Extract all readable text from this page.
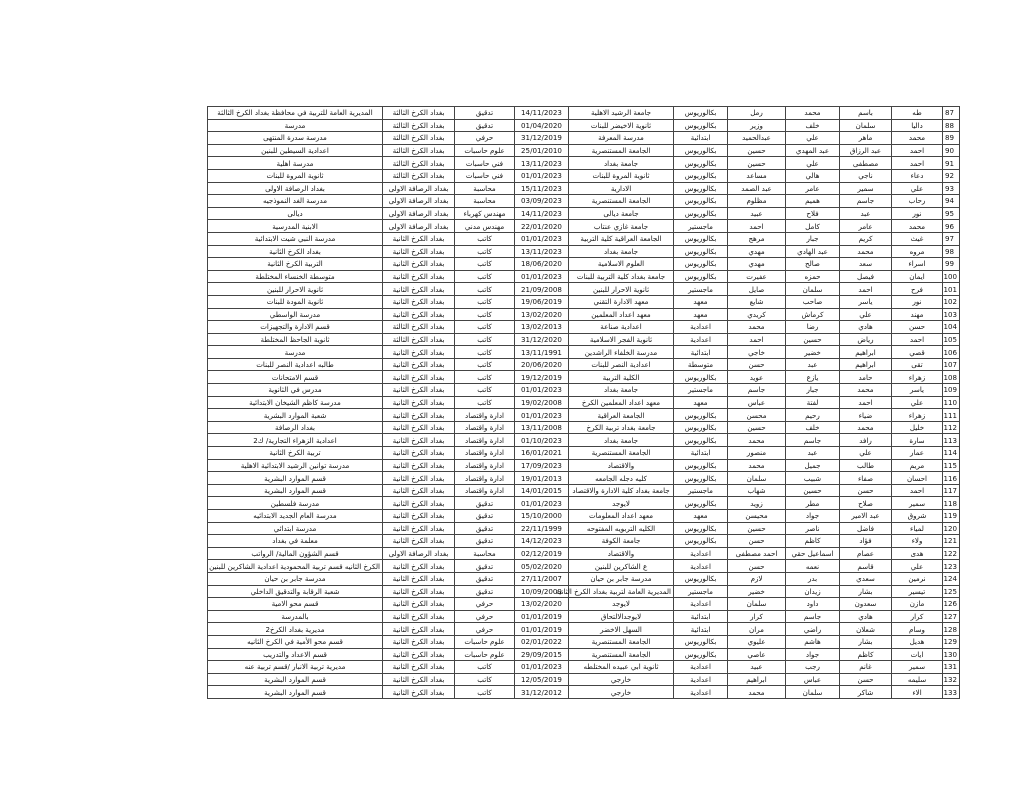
87	طه	باسم	محمد	رمل	بكالوريوس	جامعة الرشيد الاهلية	14/11/2023	تدقيق	بغداد الكرخ الثالثة	المديرية العامة للتربية في محافظة بغداد الكرخ الثالثة
88	داليا	سلمان	خلف	وزير	بكالوريوس	ثانوية الاخيضر للبنات	01/04/2020	تدقيق	بغداد الكرخ الثالثة	مدرسة
89	محمد	ماهر	علي	عبدالحميد	ابتدائية	مدرسة المعرفة	31/12/2019	حرفي	بغداد الكرخ الثالثة	مدرسة سدرة المنتهى
90	احمد	عبد الرزاق	عبد المهدي	حسين	بكالوريوس	الجامعة المستنصرية	25/01/2010	علوم حاسبات	بغداد الكرخ الثالثة	اعدادية السيطين للبنين
91	احمد	مصطفى	علي	حسين	بكالوريوس	جامعة بغداد	13/11/2023	فني حاسبات	بغداد الكرخ الثالثة	مدرسة اهلية
92	دعاء	ناجي	هالي	مساعد	بكالوريوس	ثانوية المروة للبنات	01/01/2023	فني حاسبات	بغداد الكرخ الثالثة	ثانوية المروة للبنات
93	علي	سمير	عامر	عبد الصمد	بكالوريوس	الادارية	15/11/2023	محاسبة	بغداد الرصافة الاولى	بغداد الرصافة الاولى
94	رحاب	جاسم	هميم	مظلوم	بكالوريوس	الجامعة المستنصرية	03/09/2023	محاسبة	بغداد الرصافة الاولى	مدرسة الغد النموذجيه
95	نور	عبد	فلاح	عبيد	بكالوريوس	جامعة ديالى	14/11/2023	مهندس كهرباء	بغداد الرصافة الاولى	ديالى
96	محمد	عامر	كامل	احمد	ماجستير	جامعة غازي عنتاب	22/01/2020	مهندس مدني	بغداد الرصافة الاولى	الابنية المدرسية
97	غيث	كريم	جبار	مرهج	بكالوريوس	الجامعة العراقية كلية التربية	01/01/2023	كاتب	بغداد الكرخ الثانية	مدرسة النبي شيت الابتدائية
98	مروه	محمد	عبد الهادي	مهدي	بكالوريوس	جامعة بغداد	13/11/2023	كاتب	بغداد الكرخ الثانية	بغداد الكرخ الثانية
99	اسراء	سعد	صالح	مهدي	بكالوريوس	العلوم الاسلامية	18/06/2020	كاتب	بغداد الكرخ الثانية	التربية الكرخ الثانية
100	ايمان	فيصل	حمزه	عفيرت	بكالوريوس	جامعة بغداد كلية التربية للبنات	01/01/2023	كاتب	بغداد الكرخ الثانية	متوسطة الخنساء المختلطة
101	فرح	احمد	سلمان	صايل	ماجستير	ثانوية الاحرار للبنين	21/09/2008	كاتب	بغداد الكرخ الثانية	ثانوية الاحرار للبنين
102	نور	ياسر	صاحب	شايع	معهد	معهد الادارة التقني	19/06/2019	كاتب	بغداد الكرخ الثانية	ثانوية المودة للبنات
103	مهند	علي	كرماش	كريدي	معهد	معهد اعداد المعلمين	13/02/2020	كاتب	بغداد الكرخ الثانية	مدرسة الواسطي
104	حسن	هادي	رضا	محمد	اعدادية	اعدادية صناعة	13/02/2013	كاتب	بغداد الكرخ الثالثة	قسم الادارة والتجهيزات
105	احمد	رياض	حسين	احمد	اعدادية	ثانوية الفجر الاسلامية	31/12/2020	كاتب	بغداد الكرخ الثالثة	ثانوية الجاحظ المختلطة
106	قصي	ابراهيم	خضير	خاجي	ابتدائية	مدرسة الخلفاء الراشدين	13/11/1991	كاتب	بغداد الكرخ الثانية	مدرسة
107	تقى	ابراهيم	عبد	حسن	متوسطة	اعدادية النصر للبنات	20/06/2020	كاتب	بغداد الكرخ الثانية	طالبه اعدادية النصر للبنات
108	زهراء	حامد	يازع	عويد	بكالوريوس	الكلية التربية	19/12/2019	كاتب	بغداد الكرخ الثانية	قسم الامتحانات
109	ياسر	محمد	جبار	جاسم	ماجستير	جامعة بغداد	01/01/2023	كاتب	بغداد الكرخ الثانية	مدرس في الثانوية
110	علي	احمد	لفتة	عباس	معهد	معهد اعداد المعلمين الكرخ	19/02/2008	كاتب	بغداد الكرخ الثانية	مدرسة كاظم الشيخان الابتدائية
111	زهراء	ضياء	رحيم	محسن	بكالوريوس	الجامعة العراقية	01/01/2023	ادارة واقتصاد	بغداد الكرخ الثانية	شعبة الموارد البشرية
112	خليل	محمد	خلف	حسين	بكالوريوس	جامعة بغداد تربية الكرخ	13/11/2008	ادارة واقتصاد	بغداد الكرخ الثانية	بغداد الرصافة
113	سارة	رافد	جاسم	محمد	بكالوريوس	جامعة بغداد	01/10/2023	ادارة واقتصاد	بغداد الكرخ الثانية	اعدادية الزهراء التجارية/ ك2
114	عمار	علي	عبد	منصور	ابتدائية	الجامعة المستنصرية	16/01/2021	ادارة واقتصاد	بغداد الكرخ الثانية	تربية الكرخ الثانية
115	مريم	طالب	جميل	محمد	بكالوريوس	والاقتصاد	17/09/2023	ادارة واقتصاد	بغداد الكرخ الثانية	مدرسة توانين الرشيد الابتدائية الاهلية
116	احسان	صفاء	شبيب	سلمان	بكالوريوس	كليه دجله الجامعه	19/01/2013	ادارة واقتصاد	بغداد الكرخ الثانية	قسم الموارد البشرية
117	احمد	حسن	حسين	شهاب	ماجستير	جامعة بغداد كلية الادارة والاقتصاد	14/01/2015	ادارة واقتصاد	بغداد الكرخ الثانية	قسم الموارد البشرية
118	سمير	صلاح	مطر	زويد	بكالوريوس	لايوجد	01/01/2023	تدقيق	بغداد الكرخ الثانية	مدرسة فلسطين
119	شروق	عبد الامير	جواد	محيسن	معهد	معهد اعداد المعلومات	15/10/2000	تدقيق	بغداد الكرخ الثانية	مدرسة العام الجديد الابتدائيه
120	لمياء	فاضل	ناصر	حسين	بكالوريوس	الكليه التربويه المفتوحه	22/11/1999	تدقيق	بغداد الكرخ الثانية	مدرسة ابتدائي
121	ولاء	فؤاد	كاظم	حسن	بكالوريوس	جامعة الكوفة	14/12/2023	تدقيق	بغداد الكرخ الثانية	معلمة في بغداد
122	هدى	عصام	اسماعيل حقي	احمد مصطفى	اعدادية	والاقتصاد	02/12/2019	محاسبة	بغداد الرصافة الاولى	قسم الشؤون المالية/ الرواتب
123	علي	قاسم	نعمه	حسن	اعدادية	ع الشاكرين للبنين	05/02/2020	تدقيق	بغداد الكرخ الثانية	الكرخ الثانيه قسم تربية المحمودية اعدادية الشاكرين للبنين
124	نرمين	سعدي	بدر	لازم	بكالوريوس	مدرسة جابر بن حيان	27/11/2007	تدقيق	بغداد الكرخ الثانية	مدرسة جابر بن حيان
125	تيسير	بشار	زيدان	خضير	ماجستير	المديرية العامة لتربية بغداد الكرخ الثانية	10/09/2009	تدقيق	بغداد الكرخ الثانية	شعبة الرقابة والتدقيق الداخلي
126	مازن	سعدون	داود	سلمان	اعدادية	لايوجد	13/02/2020	حرفي	بغداد الكرخ الثانية	قسم محو الامية
127	كرار	هادي	جاسم	كرار	ابتدائية	لايوجدالالتحاق	01/01/2019	حرفي	بغداد الكرخ الثانية	بالمدرسة
128	وسام	شعلان	راضي	مران	ابتدائية	السهل الاخضر	01/01/2019	حرفي	بغداد الكرخ الثانية	مديرية بغداد الكرخ2
129	هديل	بشار	هاشم	عليوي	بكالوريوس	الجامعة المستنصرية	02/01/2022	علوم حاسبات	بغداد الكرخ الثانية	قسم محو الأمية في الكرخ الثانيه
130	ايات	كاظم	جواد	عاصي	بكالوريوس	الجامعة المستنصرية	29/09/2015	علوم حاسبات	بغداد الكرخ الثانية	قسم الاعداد والتدريب
131	سمير	غانم	رجب	عبيد	اعدادية	ثانوية ابي عبيده المختلطه	01/01/2023	كاتب	بغداد الكرخ الثانية	مديرية تربية الانبار /قسم تربية عنه
132	سليمه	حسن	عباس	ابراهيم	اعدادية	خارجي	12/05/2019	كاتب	بغداد الكرخ الثانية	قسم الموارد البشرية
133	الاء	شاكر	سلمان	محمد	اعدادية	خارجي	31/12/2012	كاتب	بغداد الكرخ الثانية	قسم الموارد البشرية
